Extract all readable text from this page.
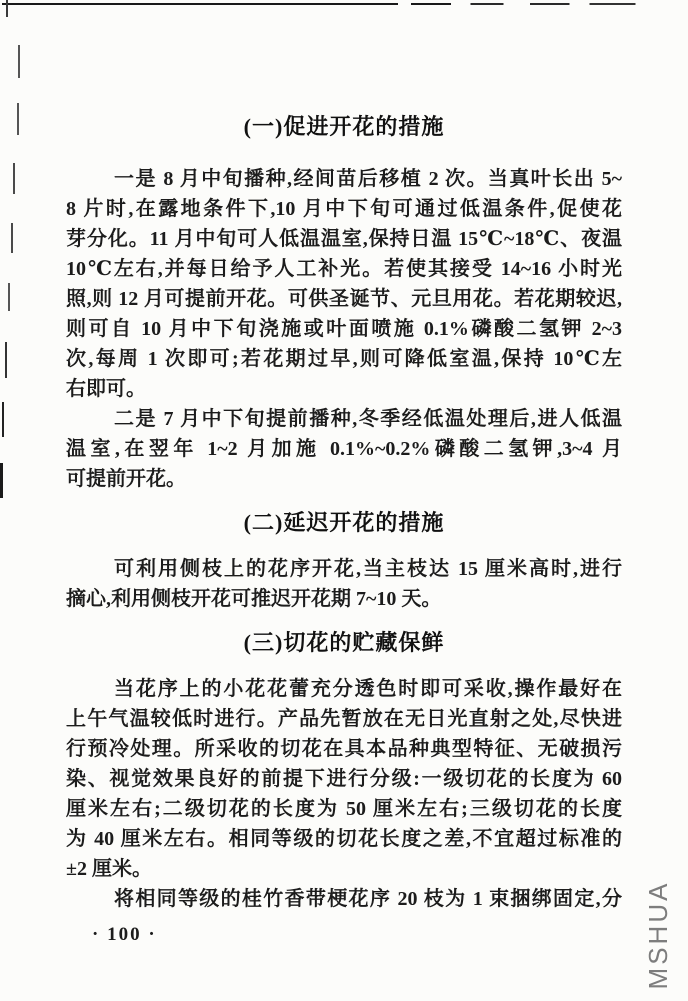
(一)促进开花的措施
一是 8 月中旬播种,经间苗后移植 2 次。当真叶长出 5~
8 片时,在露地条件下,10 月中下旬可通过低温条件,促使花
芽分化。11 月中旬可人低温温室,保持日温 15℃~18℃、夜温
10℃左右,并每日给予人工补光。若使其接受 14~16 小时光
照,则 12 月可提前开花。可供圣诞节、元旦用花。若花期较迟,
则可自 10 月中下旬浇施或叶面喷施 0.1%磷酸二氢钾 2~3
次,每周 1 次即可;若花期过早,则可降低室温,保持 10℃左
右即可。
二是 7 月中下旬提前播种,冬季经低温处理后,进人低温
温室,在翌年 1~2 月加施 0.1%~0.2%磷酸二氢钾,3~4 月
可提前开花。
(二)延迟开花的措施
可利用侧枝上的花序开花,当主枝达 15 厘米高时,进行
摘心,利用侧枝开花可推迟开花期 7~10 天。
(三)切花的贮藏保鲜
当花序上的小花花蕾充分透色时即可采收,操作最好在
上午气温较低时进行。产品先暂放在无日光直射之处,尽快进
行预冷处理。所采收的切花在具本品种典型特征、无破损污
染、视觉效果良好的前提下进行分级:一级切花的长度为 60
厘米左右;二级切花的长度为 50 厘米左右;三级切花的长度
为 40 厘米左右。相同等级的切花长度之差,不宜超过标准的
±2 厘米。
将相同等级的桂竹香带梗花序 20 枝为 1 束捆绑固定,分
· 100 ·	MSHUA
